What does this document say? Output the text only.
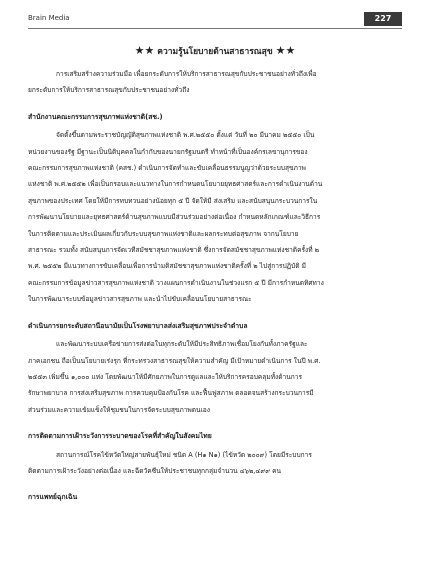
Brain Media	227
★★ ความรู้นโยบายด้านสาธารณสุข ★★

การเสริมสร้างความร่วมมือ เพื่อยกระดับการให้บริการสาธารณสุขกับประชาชนอย่างทั่วถึงเพื่อ

ยกระดับการให้บริการสาธารณสุขกับประชาชนอย่างทั่วถึง

สำนักงานคณะกรรมการสุขภาพแห่งชาติ(สช.)

จัดตั้งขึ้นตามพระราชบัญญัติสุขภาพแห่งชาติ พ.ศ.๒๕๕๐ ตั้งแต่ วันที่ ๒๐ มีนาคม ๒๕๕๐ เป็น

หน่วยงานของรัฐ มีฐานะเป็นนิติบุคคลในกำกับของนายกรัฐมนตรี ทำหน้าที่เป็นองค์กรเลขานุการของ

คณะกรรมการสุขภาพแห่งชาติ (คสช.) ดำเนินการจัดทำและขับเคลื่อนธรรมนูญว่าด้วยระบบสุขภาพ

แห่งชาติ พ.ศ.๒๕๕๒ เพื่อเป็นกรอบและแนวทางในการกำหนดนโยบายยุทธศาสตร์และการดำเนินงานด้าน

สุขภาพของประเทศ โดยให้มีการทบทวนอย่างน้อยทุก ๕ ปี จัดให้มี ส่งเสริม และสนับสนุนกระบวนการใน

การพัฒนานโยบายและยุทธศาสตร์ด้านสุขภาพแบบมีส่วนร่วมอย่างต่อเนื่อง กำหนดหลักเกณฑ์และวิธีการ

ในการติดตามและประเมินผลเกี่ยวกับระบบสุขภาพแห่งชาติและผลกระทบต่อสุขภาพ จากนโยบาย

สาธารณะ รวมทั้ง สนับสนุนการจัดเวทีสมัชชาสุขภาพแห่งชาติ ซึ่งการจัดสมัชชาสุขภาพแห่งชาติครั้งที่ ๒

พ.ศ. ๒๕๕๒ มีแนวทางการขับเคลื่อนเพื่อการนำมติสมัชชาสุขภาพแห่งชาติครั้งที่ ๒ ไปสู่การปฏิบัติ มี

คณะกรรมการข้อมูลข่าวสารสุขภาพแห่งชาติ วางแผนการดำเนินงานในช่วงแรก ๕ ปี มีการกำหนดทิศทาง

ในการพัฒนาระบบข้อมูลข่าวสารสุขภาพ และนำไปขับเคลื่อนนโยบายสาธารณะ

ดำเนินการยกระดับสถานีอนามัยเป็นโรงพยาบาลส่งเสริมสุขภาพประจำตำบล

และพัฒนาระบบเครือข่ายการส่งต่อในทุกระดับให้มีประสิทธิภาพเชื่อมโยงกันทั้งภาครัฐและ

ภาคเอกชน ถือเป็นนโยบายเร่งรุก ที่กระทรวงสาธารณสุขให้ความสำคัญ มีเป้าหมายดำเนินการ ในปี พ.ศ.

๒๕๕๓ เพิ่มขึ้น ๑,๐๐๐ แห่ง โดยพัฒนาให้มีศักยภาพในการดูแลและให้บริการครอบคลุมทั้งด้านการ

รักษาพยาบาล การส่งเสริมสุขภาพ การควบคุมป้องกันโรค และฟื้นฟูสภาพ ตลอดจนสร้างกระบวนการมี

ส่วนร่วมและความเข้มแข็งให้ชุมชนในการจัดระบบสุขภาพตนเอง

การติดตามการเฝ้าระวังการระบาดของโรคที่สำคัญในสังคมไทย

สถานการณ์โรคไข้หวัดใหญ่สายพันธุ์ใหม่ ชนิด A (H๑ N๑) (ไข้หวัด ๒๐๐๙) โดยมีระบบการ

ติดตามการเฝ้าระวังอย่างต่อเนื่อง และฉีดวัคซีนให้ประชาชนทุกกลุ่มจำนวน ๔๖๒,๔๙๙ คน

การแพทย์ฉุกเฉิน
